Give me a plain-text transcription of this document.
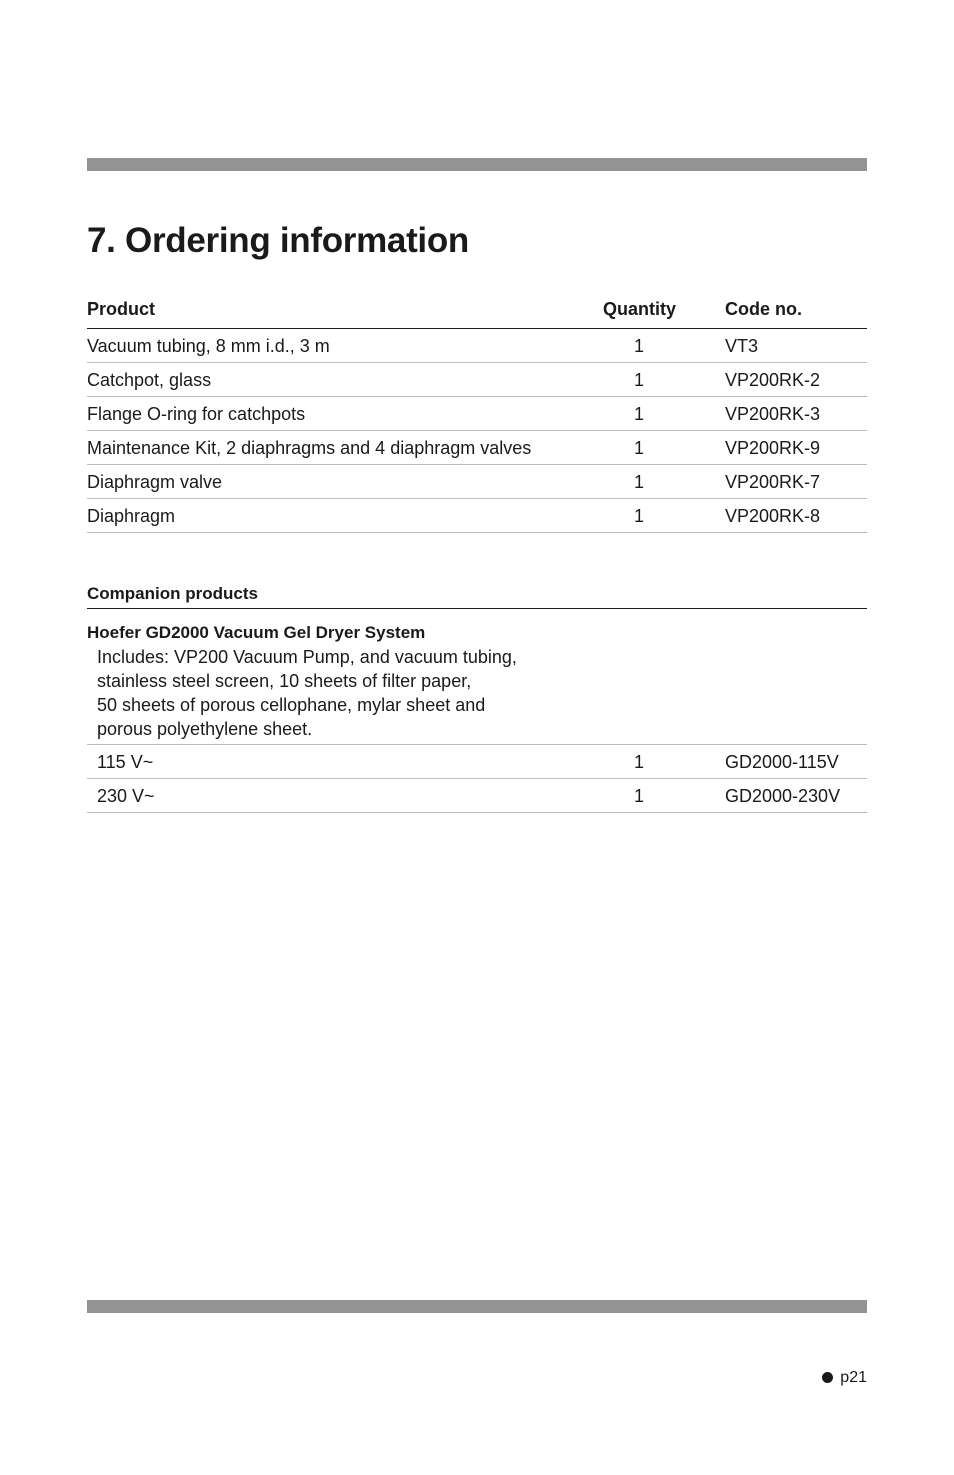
7. Ordering information
Product	Quantity	Code no.
Vacuum tubing, 8 mm i.d., 3 m	1	VT3
Catchpot, glass	1	VP200RK-2
Flange O-ring for catchpots	1	VP200RK-3
Maintenance Kit, 2 diaphragms and 4 diaphragm valves	1	VP200RK-9
Diaphragm valve	1	VP200RK-7
Diaphragm	1	VP200RK-8
Companion products
Hoefer GD2000 Vacuum Gel Dryer System
Includes: VP200 Vacuum Pump, and vacuum tubing,
stainless steel screen, 10 sheets of filter paper,
50 sheets of porous cellophane, mylar sheet and
porous polyethylene sheet.
115 V~	1	GD2000-115V
230 V~	1	GD2000-230V
p21
